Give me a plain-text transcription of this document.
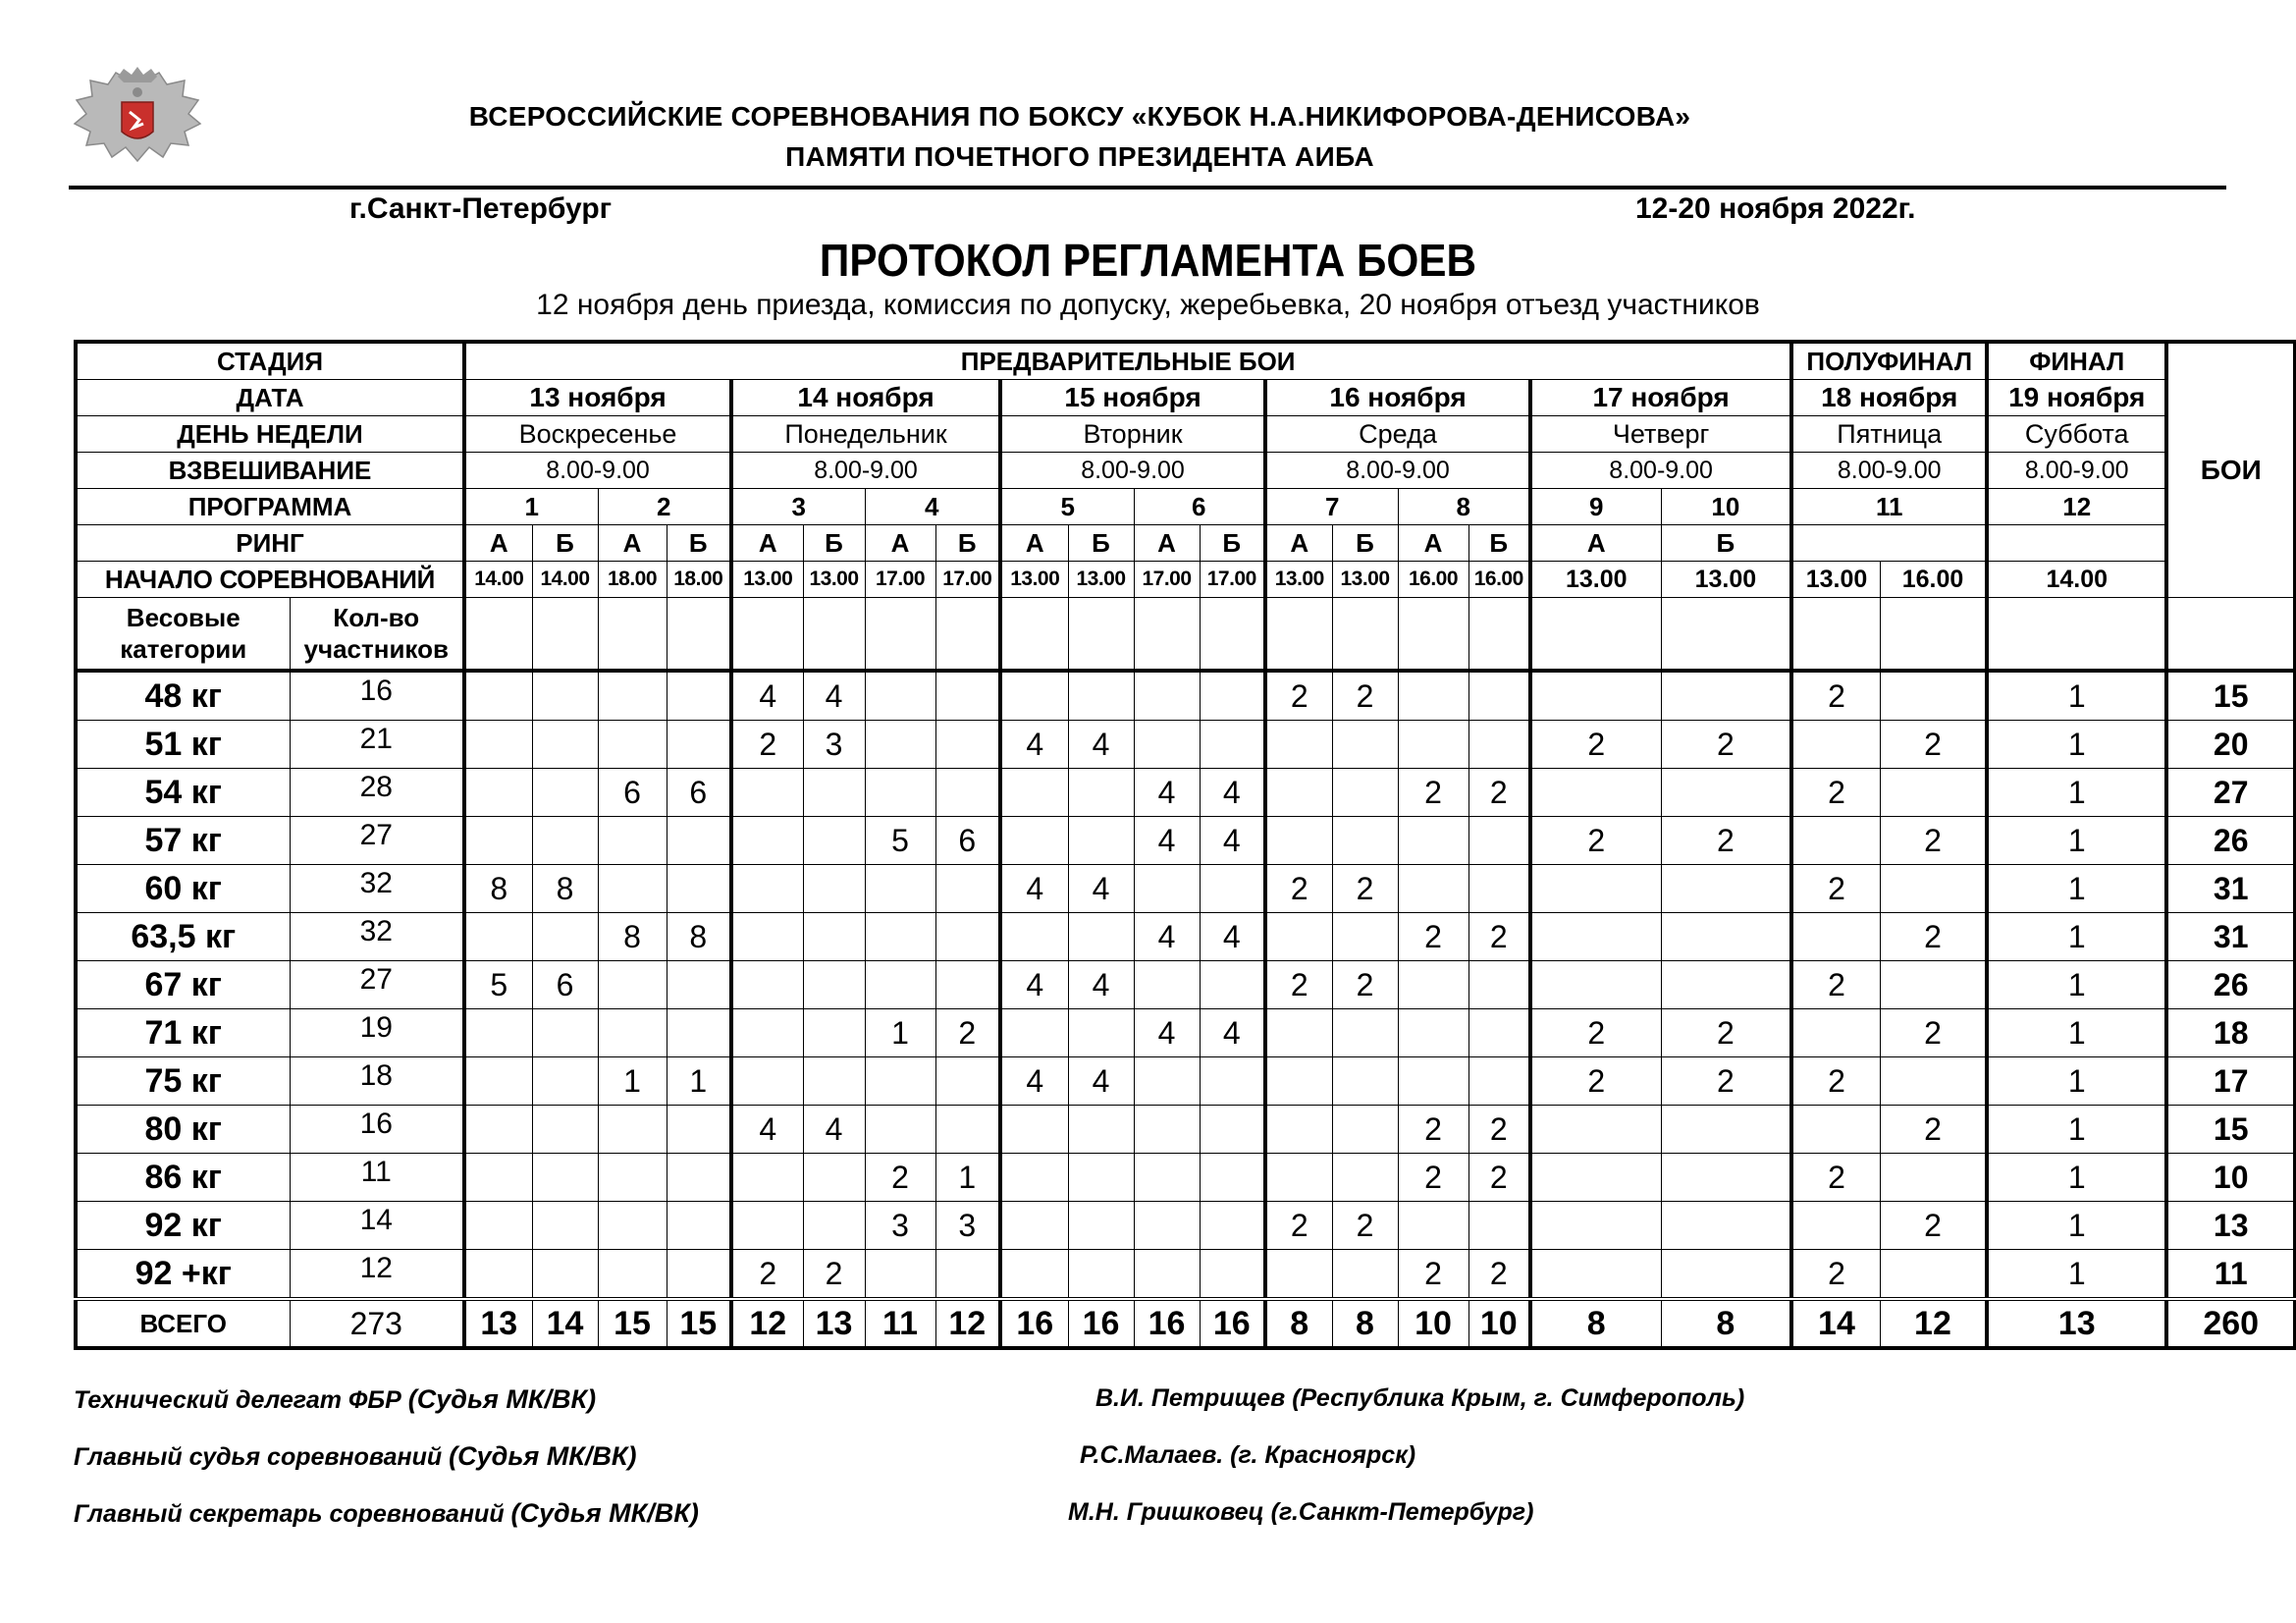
ВСЕРОССИЙСКИЕ СОРЕВНОВАНИЯ ПО БОКСУ «КУБОК Н.А.НИКИФОРОВА-ДЕНИСОВА»
ПАМЯТИ ПОЧЕТНОГО ПРЕЗИДЕНТА АИБА
г.Санкт-Петербург	12-20 ноября 2022г.
ПРОТОКОЛ РЕГЛАМЕНТА БОЕВ
12 ноября день приезда, комиссия по допуску, жеребьевка, 20 ноября отъезд участников
СТАДИЯ		ПРЕДВАРИТЕЛЬНЫЕ БОИ																		ПОЛУФИНАЛ		ФИНАЛ	БОИ
ДАТА		13 ноября				14 ноября				15 ноября				16 ноября				17 ноября		18 ноября		19 ноября	
ДЕНЬ НЕДЕЛИ		Воскресенье				Понедельник				Вторник				Среда				Четверг		Пятница		Суббота	
ВЗВЕШИВАНИЕ		8.00-9.00				8.00-9.00				8.00-9.00				8.00-9.00				8.00-9.00		8.00-9.00		8.00-9.00	
ПРОГРАММА		1		2		3		4		5		6		7		8		9	10	11		12	
РИНГ		А	Б	А	Б	А	Б	А	Б	А	Б	А	Б	А	Б	А	Б	А	Б				
НАЧАЛО СОРЕВНОВАНИЙ		14.00	14.00	18.00	18.00	13.00	13.00	17.00	17.00	13.00	13.00	17.00	17.00	13.00	13.00	16.00	16.00	13.00	13.00	13.00	16.00	14.00	
Весовые категории	Кол-во участников																						
48 кг	16					4	4							2	2					2		1	15
51 кг	21					2	3			4	4							2	2		2	1	20
54 кг	28			6	6							4	4			2	2			2		1	27
57 кг	27							5	6			4	4					2	2		2	1	26
60 кг	32	8	8							4	4			2	2					2		1	31
63,5 кг	32			8	8							4	4			2	2				2	1	31
67 кг	27	5	6							4	4			2	2					2		1	26
71 кг	19							1	2			4	4					2	2		2	1	18
75 кг	18			1	1					4	4							2	2	2		1	17
80 кг	16					4	4									2	2				2	1	15
86 кг	11							2	1							2	2			2		1	10
92 кг	14							3	3					2	2						2	1	13
92 +кг	12					2	2									2	2			2		1	11
ВСЕГО	273	13	14	15	15	12	13	11	12	16	16	16	16	8	8	10	10	8	8	14	12	13	260
Технический делегат ФБР (Судья МК/ВК)	В.И. Петрищев (Республика Крым, г. Симферополь)
Главный судья соревнований (Судья МК/ВК)	Р.С.Малаев. (г. Красноярск)
Главный секретарь соревнований (Судья МК/ВК)	М.Н. Гришковец (г.Санкт-Петербург)
